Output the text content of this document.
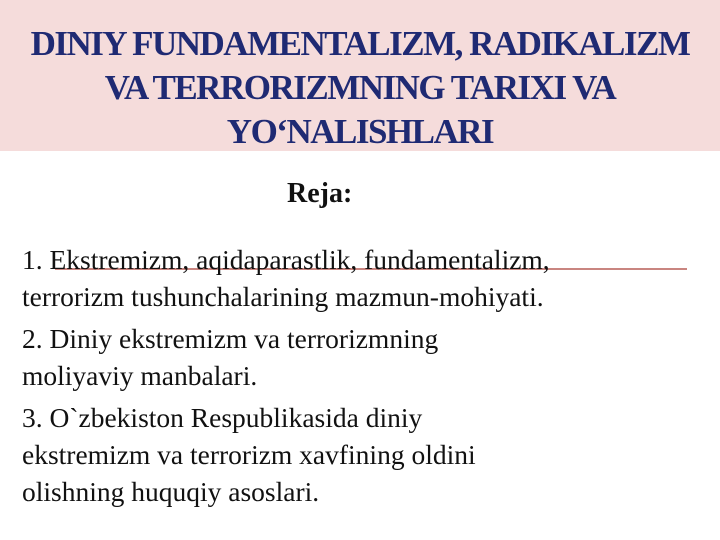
DINIY FUNDAMENTALIZM, RADIKALIZM
VA TERRORIZMNING TARIXI VA
YO‘NALISHLARI
Reja:
1. Ekstremizm, aqidaparastlik, fundamentalizm,
terrorizm tushunchalarining mazmun-mohiyati.
2. Diniy ekstremizm va terrorizmning
moliyaviy manbalari.
3. O`zbekiston Respublikasida diniy
ekstremizm va terrorizm xavfining oldini
olishning huquqiy asoslari.
